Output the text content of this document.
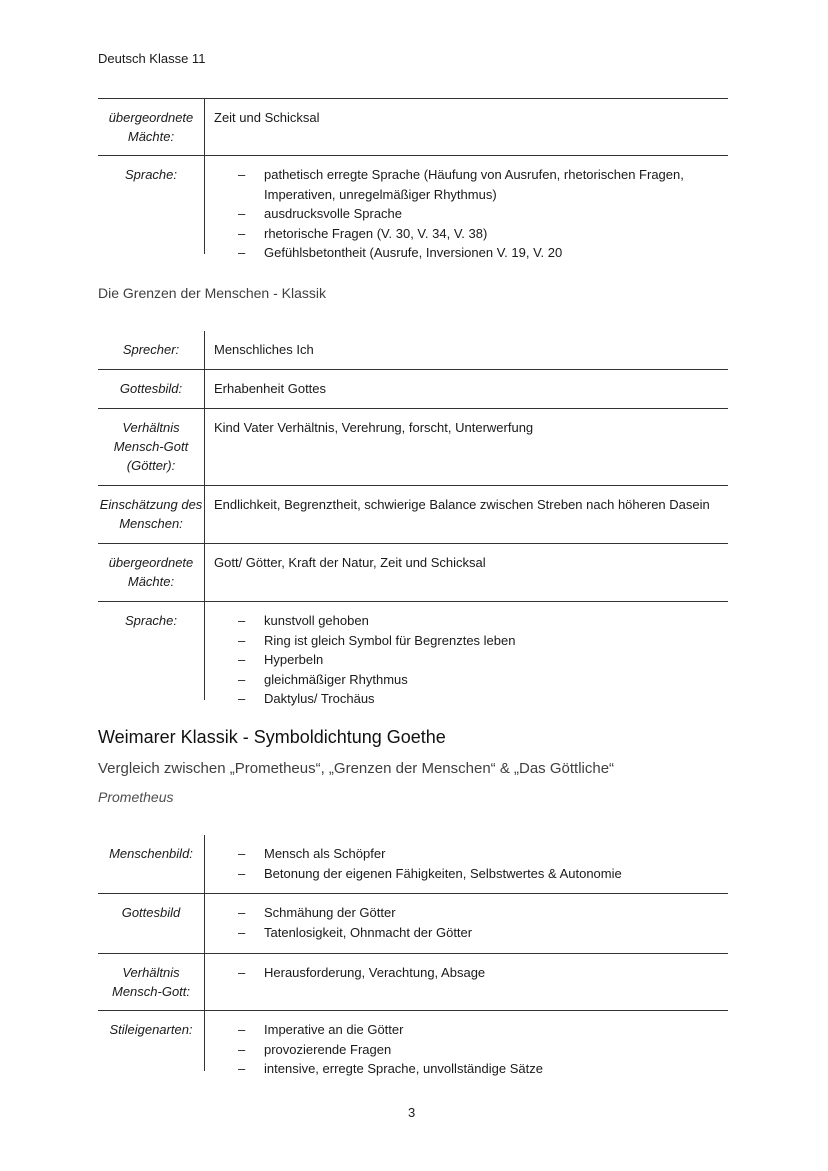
Deutsch Klasse 11
übergeordnete Mächte:
Zeit und Schicksal
Sprache:	– pathetisch erregte Sprache (Häufung von Ausrufen, rhetorischen Fragen, Imperativen, unregelmäßiger Rhythmus)
– ausdrucksvolle Sprache
– rhetorische Fragen (V. 30, V. 34, V. 38)
– Gefühlsbetontheit (Ausrufe, Inversionen V. 19, V. 20
Die Grenzen der Menschen - Klassik
Sprecher:	Menschliches Ich
Gottesbild:	Erhabenheit Gottes
Verhältnis Mensch-Gott (Götter):
Kind Vater Verhältnis, Verehrung, forscht, Unterwerfung
Einschätzung des Menschen:
Endlichkeit, Begrenztheit, schwierige Balance zwischen Streben nach höheren Dasein
übergeordnete Mächte:
Gott/ Götter, Kraft der Natur, Zeit und Schicksal
Sprache:	– kunstvoll gehoben
– Ring ist gleich Symbol für Begrenztes leben
– Hyperbeln
– gleichmäßiger Rhythmus
– Daktylus/ Trochäus
Weimarer Klassik - Symboldichtung Goethe
Vergleich zwischen „Prometheus“, „Grenzen der Menschen“ & „Das Göttliche“
Prometheus
Menschenbild:	– Mensch als Schöpfer
– Betonung der eigenen Fähigkeiten, Selbstwertes & Autonomie
Gottesbild	– Schmähung der Götter
– Tatenlosigkeit, Ohnmacht der Götter
Verhältnis Mensch-Gott:
– Herausforderung, Verachtung, Absage
Stileigenarten:	– Imperative an die Götter
– provozierende Fragen
– intensive, erregte Sprache, unvollständige Sätze
3
